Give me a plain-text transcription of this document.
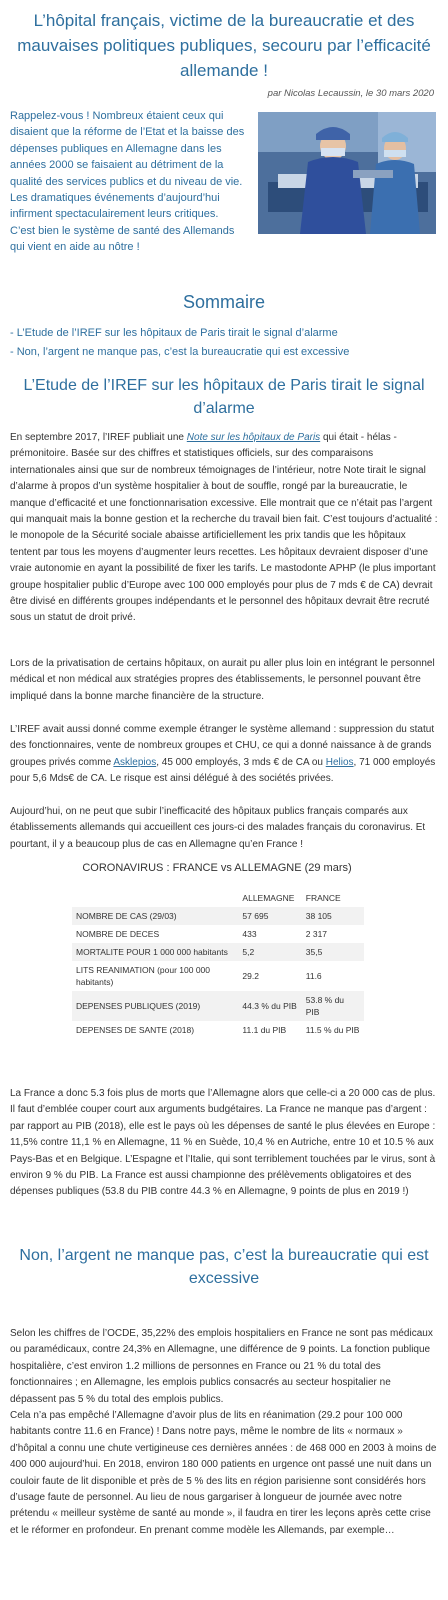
L’hôpital français, victime de la bureaucratie et des mauvaises politiques publiques, secouru par l’efficacité allemande !
par Nicolas Lecaussin, le 30 mars 2020

Rappelez-vous ! Nombreux étaient ceux qui disaient que la réforme de l’Etat et la baisse des dépenses publiques en Allemagne dans les années 2000 se faisaient au détriment de la qualité des services publics et du niveau de vie. Les dramatiques événements d’aujourd’hui infirment spectaculairement leurs critiques. C’est bien le système de santé des Allemands qui vient en aide au nôtre !

Sommaire
- L’Etude de l’IREF sur les hôpitaux de Paris tirait le signal d’alarme
- Non, l’argent ne manque pas, c’est la bureaucratie qui est excessive
L’Etude de l’IREF sur les hôpitaux de Paris tirait le signal d’alarme

En septembre 2017, l’IREF publiait une Note sur les hôpitaux de Paris qui était - hélas - prémonitoire. Basée sur des chiffres et statistiques officiels, sur des comparaisons internationales ainsi que sur de nombreux témoignages de l’intérieur, notre Note tirait le signal d’alarme à propos d’un système hospitalier à bout de souffle, rongé par la bureaucratie, le manque d’efficacité et une fonctionnarisation excessive. Elle montrait que ce n’était pas l’argent qui manquait mais la bonne gestion et la recherche du travail bien fait. C’est toujours d’actualité : le monopole de la Sécurité sociale abaisse artificiellement les prix tandis que les hôpitaux tentent par tous les moyens d’augmenter leurs recettes. Les hôpitaux devraient disposer d’une vraie autonomie en ayant la possibilité de fixer les tarifs. Le mastodonte APHP (le plus important groupe hospitalier public d’Europe avec 100 000 employés pour plus de 7 mds € de CA) devrait être divisé en différents groupes indépendants et le personnel des hôpitaux devrait être recruté sous un statut de droit privé.

Lors de la privatisation de certains hôpitaux, on aurait pu aller plus loin en intégrant le personnel médical et non médical aux stratégies propres des établissements, le personnel pouvant être impliqué dans la bonne marche financière de la structure.

L’IREF avait aussi donné comme exemple étranger le système allemand : suppression du statut des fonctionnaires, vente de nombreux groupes et CHU, ce qui a donné naissance à de grands groupes privés comme Asklepios, 45 000 employés, 3 mds € de CA ou Helios, 71 000 employés pour 5,6 Mds€ de CA. Le risque est ainsi délégué à des sociétés privées.

Aujourd’hui, on ne peut que subir l’inefficacité des hôpitaux publics français comparés aux établissements allemands qui accueillent ces jours-ci des malades français du coronavirus. Et pourtant, il y a beaucoup plus de cas en Allemagne qu’en France !

CORONAVIRUS : FRANCE vs ALLEMAGNE (29 mars)
	ALLEMAGNE	FRANCE
NOMBRE DE CAS (29/03)	57 695	38 105
NOMBRE DE DECES	433	2 317
MORTALITE POUR 1 000 000 habitants	5,2	35,5
LITS REANIMATION (pour 100 000 habitants)	29.2	11.6
DEPENSES PUBLIQUES (2019)	44.3 % du PIB	53.8 % du PIB
DEPENSES DE SANTE (2018)	11.1 du PIB	11.5 % du PIB

La France a donc 5.3 fois plus de morts que l’Allemagne alors que celle-ci a 20 000 cas de plus. Il faut d’emblée couper court aux arguments budgétaires. La France ne manque pas d’argent : par rapport au PIB (2018), elle est le pays où les dépenses de santé le plus élevées en Europe : 11,5% contre 11,1 % en Allemagne, 11 % en Suède, 10,4 % en Autriche, entre 10 et 10.5 % aux Pays-Bas et en Belgique. L’Espagne et l’Italie, qui sont terriblement touchées par le virus, sont à environ 9 % du PIB. La France est aussi championne des prélèvements obligatoires et des dépenses publiques (53.8 du PIB contre 44.3 % en Allemagne, 9 points de plus en 2019 !)

Non, l’argent ne manque pas, c’est la bureaucratie qui est excessive

Selon les chiffres de l’OCDE, 35,22% des emplois hospitaliers en France ne sont pas médicaux ou paramédicaux, contre 24,3% en Allemagne, une différence de 9 points. La fonction publique hospitalière, c’est environ 1.2 millions de personnes en France ou 21 % du total des fonctionnaires ; en Allemagne, les emplois publics consacrés au secteur hospitalier ne dépassent pas 5 % du total des emplois publics.

Cela n’a pas empêché l’Allemagne d’avoir plus de lits en réanimation (29.2 pour 100 000 habitants contre 11.6 en France) ! Dans notre pays, même le nombre de lits « normaux » d’hôpital a connu une chute vertigineuse ces dernières années : de 468 000 en 2003 à moins de 400 000 aujourd’hui. En 2018, environ 180 000 patients en urgence ont passé une nuit dans un couloir faute de lit disponible et près de 5 % des lits en région parisienne sont considérés hors d’usage faute de personnel. Au lieu de nous gargariser à longueur de journée avec notre prétendu « meilleur système de santé au monde », il faudra en tirer les leçons après cette crise et le réformer en profondeur. En prenant comme modèle les Allemands, par exemple…
